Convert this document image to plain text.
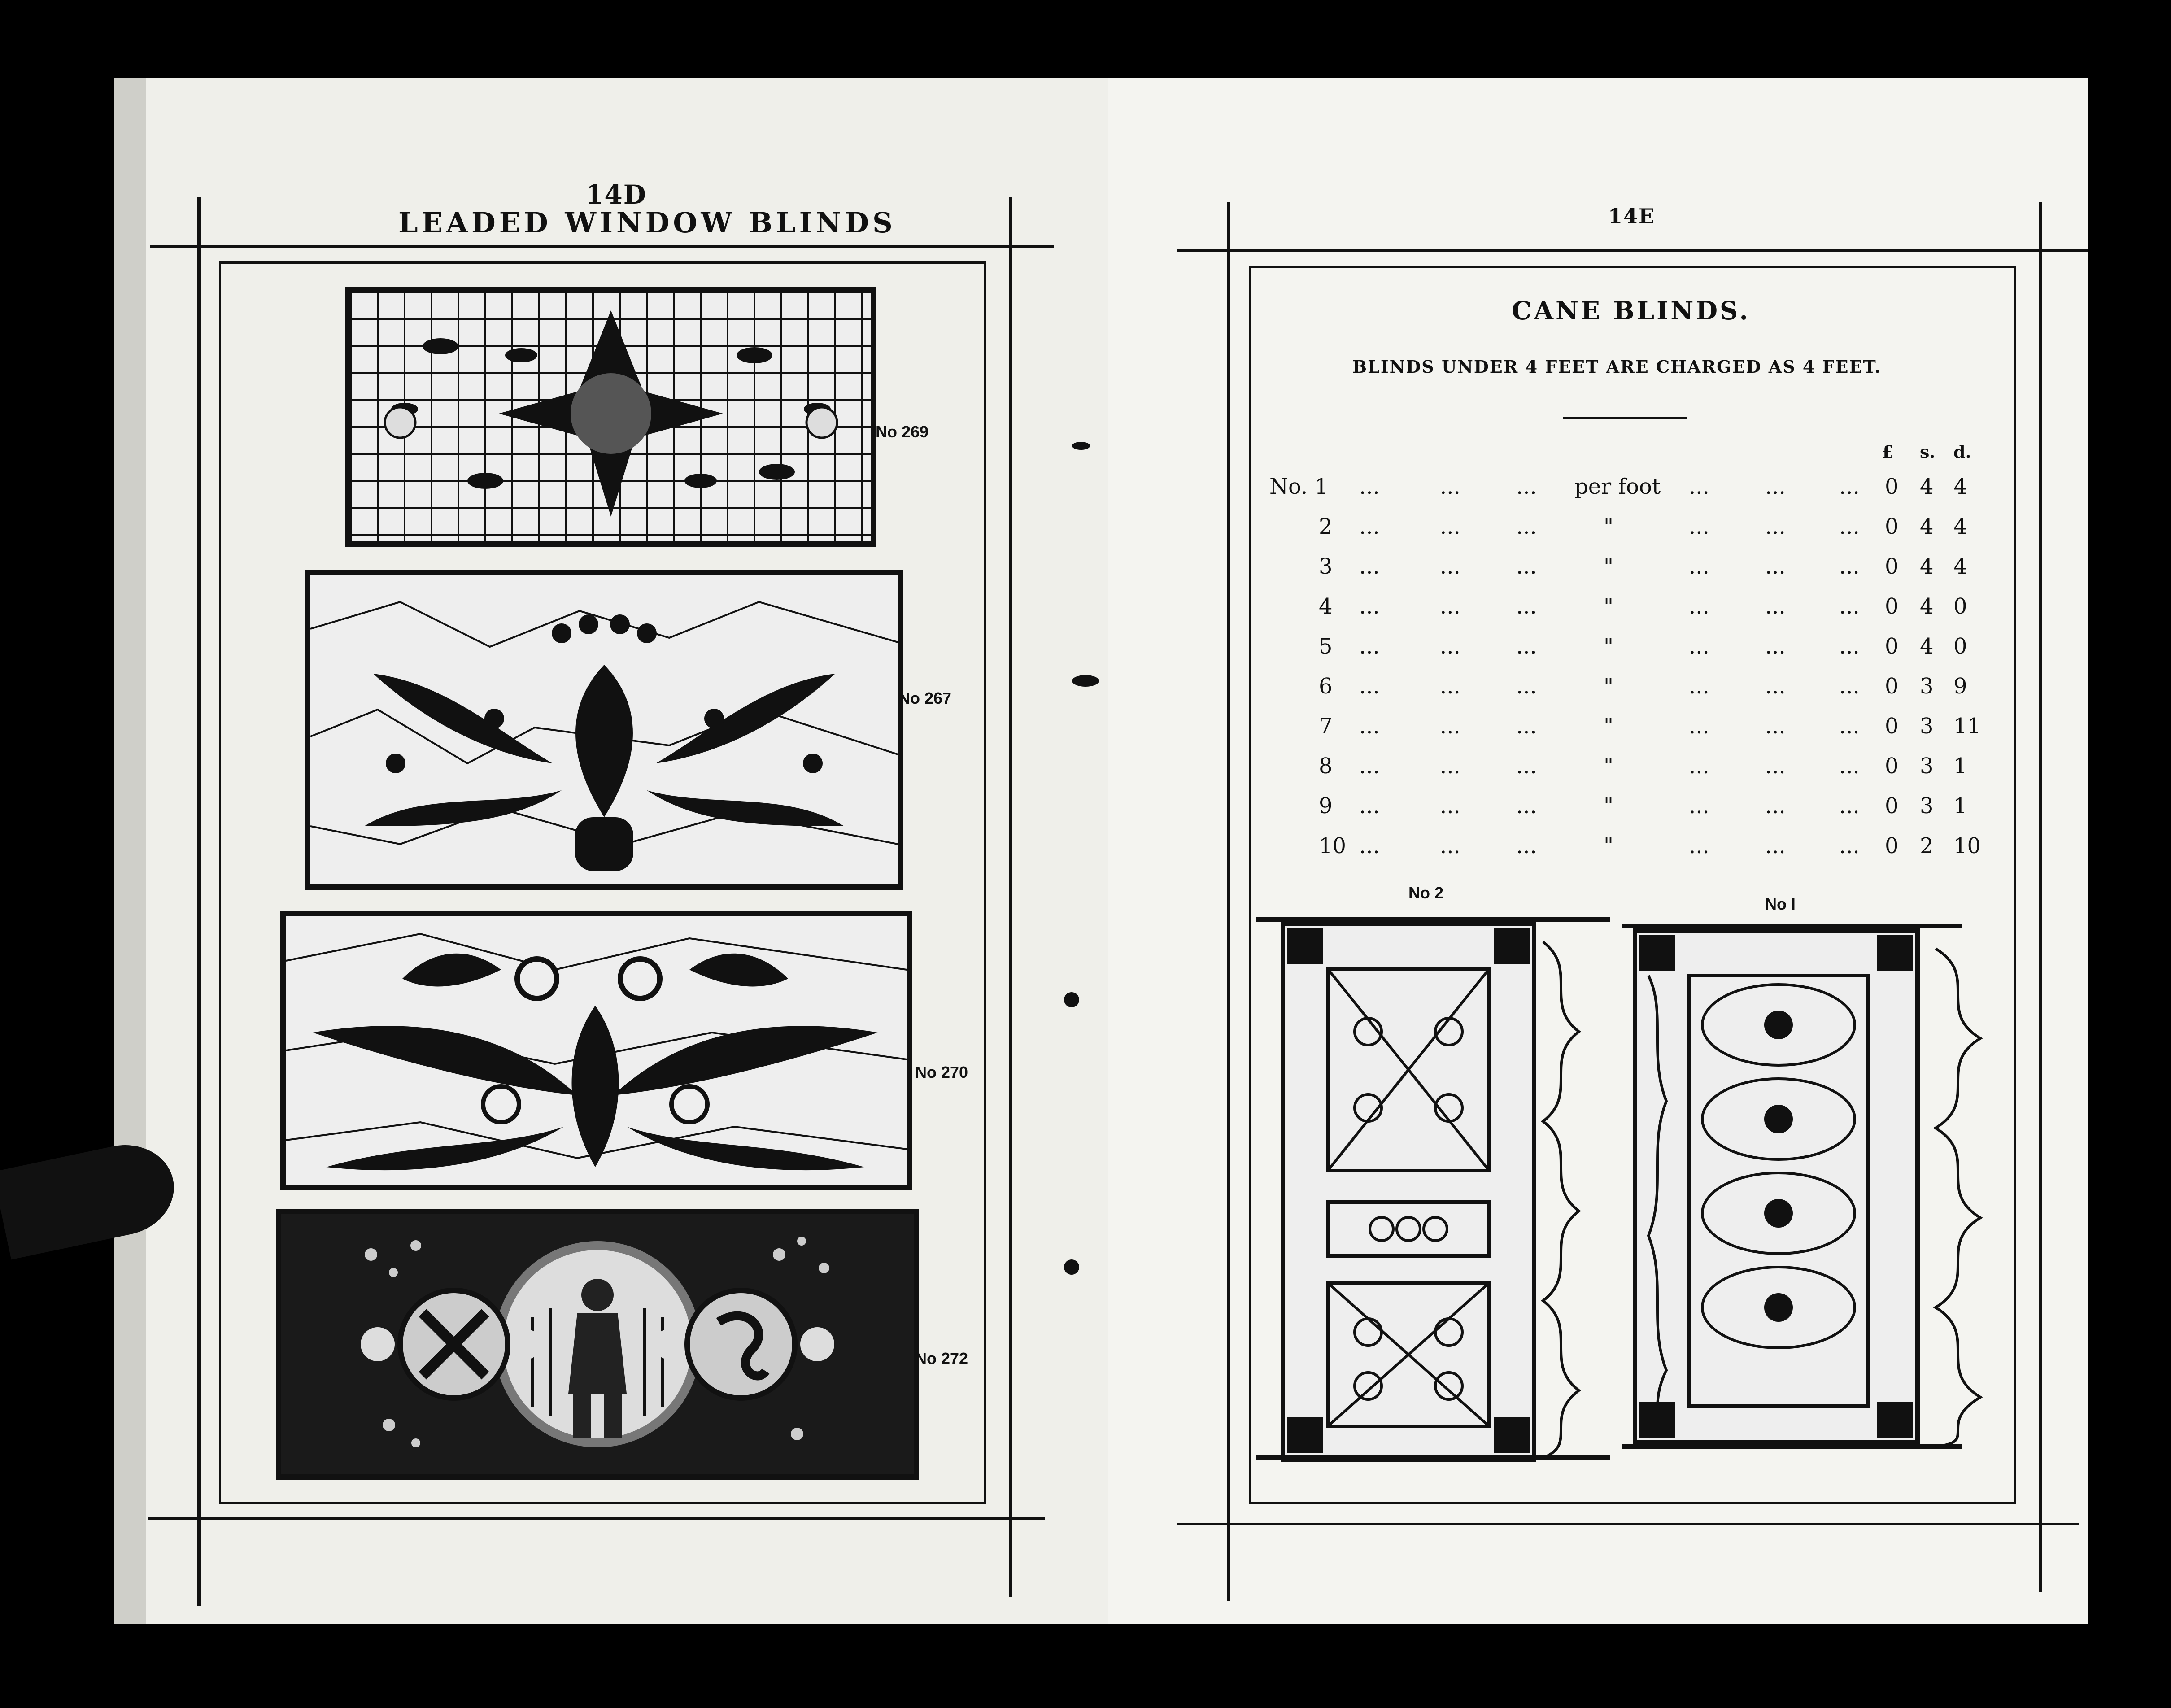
14D
LEADED WINDOW BLINDS
No 269
No 267
No 270
No 272
14E
CANE BLINDS.
BLINDS UNDER 4 FEET ARE CHARGED AS 4 FEET.
£ s. d.
No. 1 ...	...	... per foot ...	... ... 0 4 4
2 ...	...	...	"	...	... ... 0 4 4
3 ...	...	...	"	...	... ... 0 4 4
4 ...	...	...	"	...	... ... 0 4 0
5 ...	...	...	"	...	... ... 0 4 0
6 ...	...	...	"	...	... ... 0 3 9
7 ...	...	...	"	...	... ... 0 3 11
8 ...	...	...	"	...	... ... 0 3 1
9 ...	...	...	"	...	... ... 0 3 1
10 ...	...	...	"	...	... ... 0 2 10
No 2
No l
